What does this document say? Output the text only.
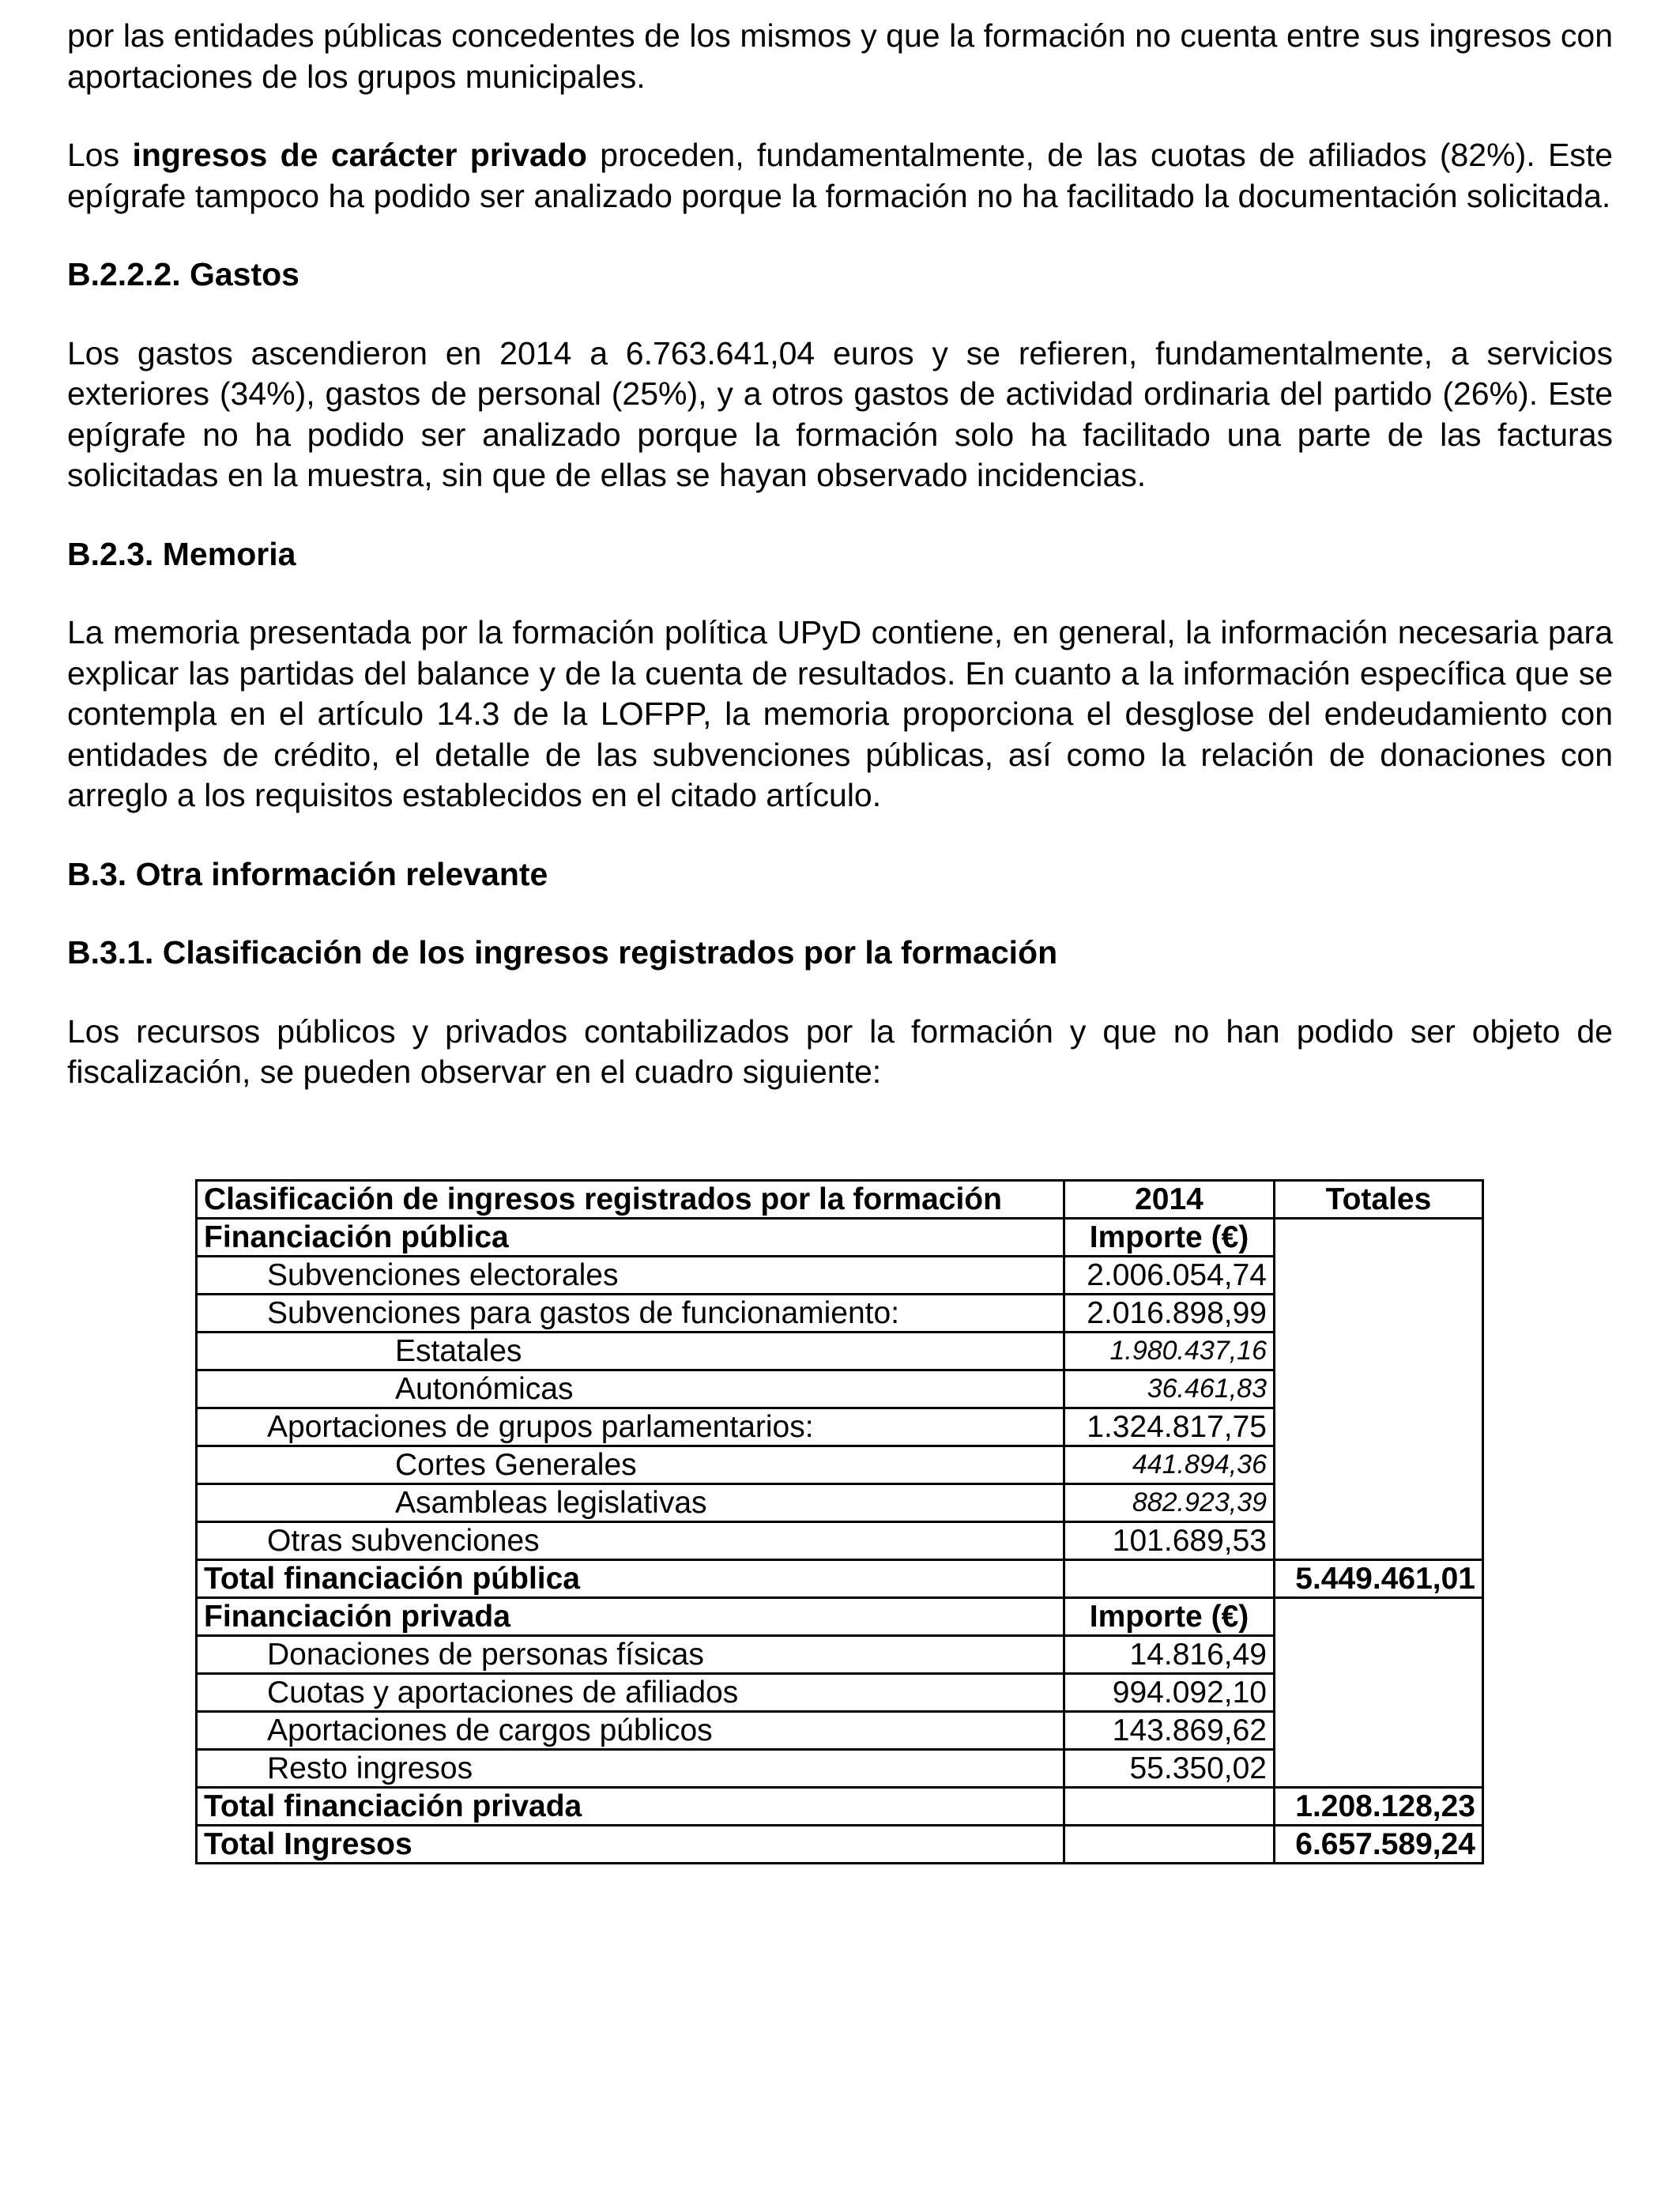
por las entidades públicas concedentes de los mismos y que la formación no cuenta entre sus ingresos con aportaciones de los grupos municipales.

Los ingresos de carácter privado proceden, fundamentalmente, de las cuotas de afiliados (82%). Este epígrafe tampoco ha podido ser analizado porque la formación no ha facilitado la documentación solicitada.

B.2.2.2. Gastos

Los gastos ascendieron en 2014 a 6.763.641,04 euros y se refieren, fundamentalmente, a servicios exteriores (34%), gastos de personal (25%), y a otros gastos de actividad ordinaria del partido (26%). Este epígrafe no ha podido ser analizado porque la formación solo ha facilitado una parte de las facturas solicitadas en la muestra, sin que de ellas se hayan observado incidencias.

B.2.3. Memoria

La memoria presentada por la formación política UPyD contiene, en general, la información necesaria para explicar las partidas del balance y de la cuenta de resultados. En cuanto a la información específica que se contempla en el artículo 14.3 de la LOFPP, la memoria proporciona el desglose del endeudamiento con entidades de crédito, el detalle de las subvenciones públicas, así como la relación de donaciones con arreglo a los requisitos establecidos en el citado artículo.

B.3. Otra información relevante
B.3.1. Clasificación de los ingresos registrados por la formación

Los recursos públicos y privados contabilizados por la formación y que no han podido ser objeto de fiscalización, se pueden observar en el cuadro siguiente:

Clasificación de ingresos registrados por la formación	2014	Totales
Financiación pública	Importe (€)	
Subvenciones electorales	2.006.054,74	
Subvenciones para gastos de funcionamiento:	2.016.898,99	
Estatales	1.980.437,16	
Autonómicas	36.461,83	
Aportaciones de grupos parlamentarios:	1.324.817,75	
Cortes Generales	441.894,36	
Asambleas legislativas	882.923,39	
Otras subvenciones	101.689,53	
Total financiación pública		5.449.461,01
Financiación privada	Importe (€)	
Donaciones de personas físicas	14.816,49	
Cuotas y aportaciones de afiliados	994.092,10	
Aportaciones de cargos públicos	143.869,62	
Resto ingresos	55.350,02	
Total financiación privada		1.208.128,23
Total Ingresos		6.657.589,24
